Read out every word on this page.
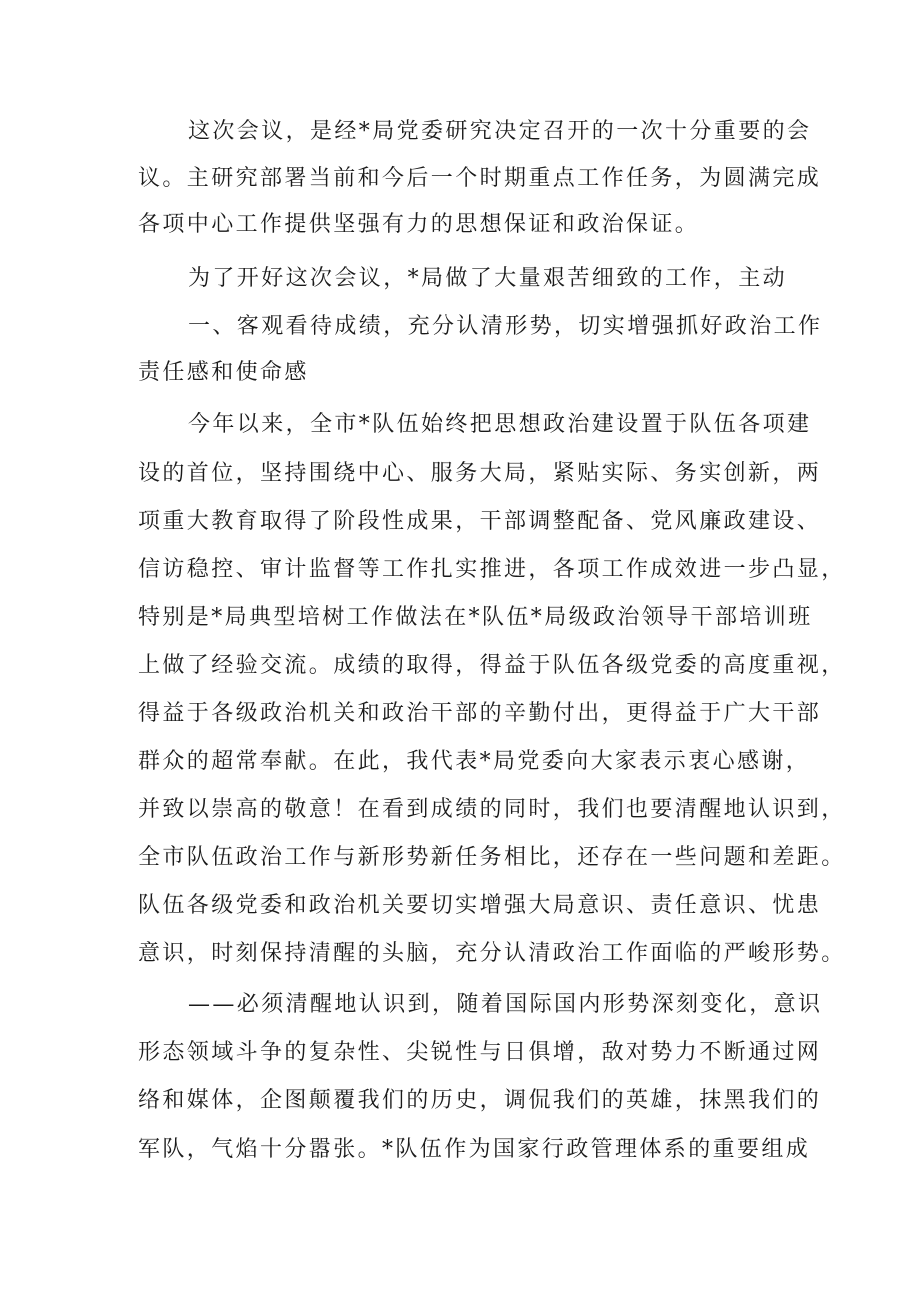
这次会议，是经*局党委研究决定召开的一次十分重要的会
议。主研究部署当前和今后一个时期重点工作任务，为圆满完成
各项中心工作提供坚强有力的思想保证和政治保证。
为了开好这次会议，*局做了大量艰苦细致的工作，主动
一、客观看待成绩，充分认清形势，切实增强抓好政治工作
责任感和使命感
今年以来，全市*队伍始终把思想政治建设置于队伍各项建
设的首位，坚持围绕中心、服务大局，紧贴实际、务实创新，两
项重大教育取得了阶段性成果，干部调整配备、党风廉政建设、
信访稳控、审计监督等工作扎实推进，各项工作成效进一步凸显，
特别是*局典型培树工作做法在*队伍*局级政治领导干部培训班
上做了经验交流。成绩的取得，得益于队伍各级党委的高度重视，
得益于各级政治机关和政治干部的辛勤付出，更得益于广大干部
群众的超常奉献。在此，我代表*局党委向大家表示衷心感谢，
并致以崇高的敬意！在看到成绩的同时，我们也要清醒地认识到，
全市队伍政治工作与新形势新任务相比，还存在一些问题和差距。
队伍各级党委和政治机关要切实增强大局意识、责任意识、忧患
意识，时刻保持清醒的头脑，充分认清政治工作面临的严峻形势。
——必须清醒地认识到，随着国际国内形势深刻变化，意识
形态领域斗争的复杂性、尖锐性与日俱增，敌对势力不断通过网
络和媒体，企图颠覆我们的历史，调侃我们的英雄，抹黑我们的
军队，气焰十分嚣张。*队伍作为国家行政管理体系的重要组成
